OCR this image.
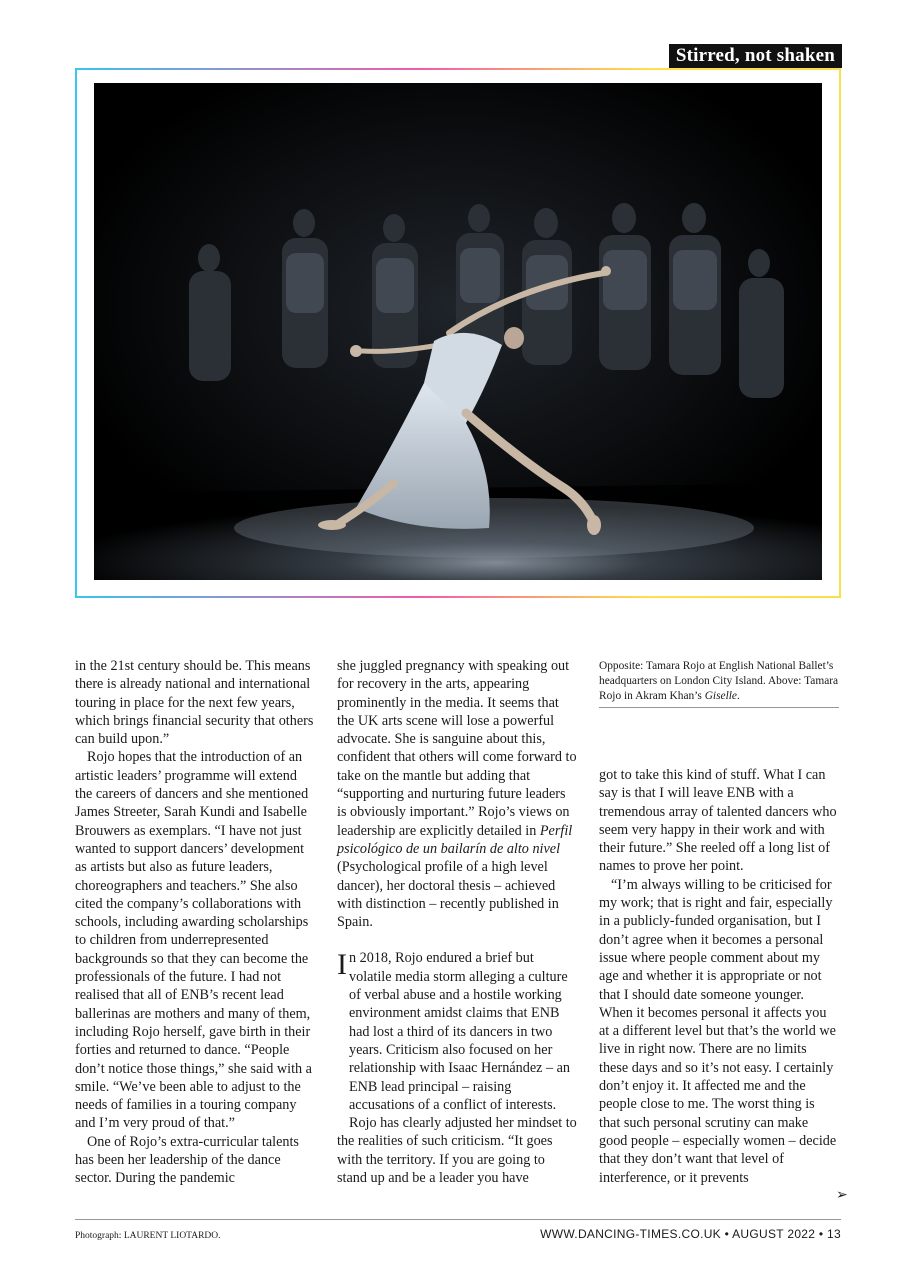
Stirred, not shaken
Opposite: Tamara Rojo at English National Ballet’s headquarters on London City Island. Above: Tamara Rojo in Akram Khan’s Giselle.

in the 21st century should be. This means there is already national and international touring in place for the next few years, which brings financial security that others can build upon.”

Rojo hopes that the introduction of an artistic leaders’ programme will extend the careers of dancers and she mentioned James Streeter, Sarah Kundi and Isabelle Brouwers as exemplars. “I have not just wanted to support dancers’ development as artists but also as future leaders, choreographers and teachers.” She also cited the company’s collaborations with schools, including awarding scholarships to children from underrepresented backgrounds so that they can become the professionals of the future. I had not realised that all of ENB’s recent lead ballerinas are mothers and many of them, including Rojo herself, gave birth in their forties and returned to dance. “People don’t notice those things,” she said with a smile. “We’ve been able to adjust to the needs of families in a touring company and I’m very proud of that.”

One of Rojo’s extra-curricular talents has been her leadership of the dance sector. During the pandemic

she juggled pregnancy with speaking out for recovery in the arts, appearing prominently in the media. It seems that the UK arts scene will lose a powerful advocate. She is sanguine about this, confident that others will come forward to take on the mantle but adding that “supporting and nurturing future leaders is obviously important.” Rojo’s views on leadership are explicitly detailed in Perfil psicológico de un bailarín de alto nivel (Psychological profile of a high level dancer), her doctoral thesis – achieved with distinction – recently published in Spain.

I n 2018, Rojo endured a brief but volatile media storm alleging a culture of verbal abuse and a hostile working environment amidst claims that ENB had lost a third of its dancers in two years. Criticism also focused on her relationship with Isaac Hernández – an ENB lead principal – raising accusations of a conflict of interests.

Rojo has clearly adjusted her mindset to the realities of such criticism. “It goes with the territory. If you are going to stand up and be a leader you have

got to take this kind of stuff. What I can say is that I will leave ENB with a tremendous array of talented dancers who seem very happy in their work and with their future.” She reeled off a long list of names to prove her point.

“I’m always willing to be criticised for my work; that is right and fair, especially in a publicly-funded organisation, but I don’t agree when it becomes a personal issue where people comment about my age and whether it is appropriate or not that I should date someone younger. When it becomes personal it affects you at a different level but that’s the world we live in right now. There are no limits these days and so it’s not easy. I certainly don’t enjoy it. It affected me and the people close to me. The worst thing is that such personal scrutiny can make good people – especially women – decide that they don’t want that level of interference, or it prevents

➢
Photograph: LAURENT LIOTARDO.	WWW.DANCING-TIMES.CO.UK • AUGUST 2022 • 13
